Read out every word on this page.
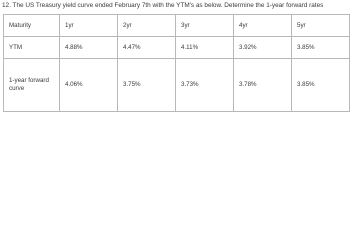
12. The US Treasury yield curve ended February 7th with the YTM's as below. Determine the 1-year forward rates
Maturity	1yr	2yr	3yr	4yr	5yr
YTM	4.88%	4.47%	4.11%	3.92%	3.85%
1-year forward curve	4.06%	3.75%	3.73%	3.78%	3.85%
